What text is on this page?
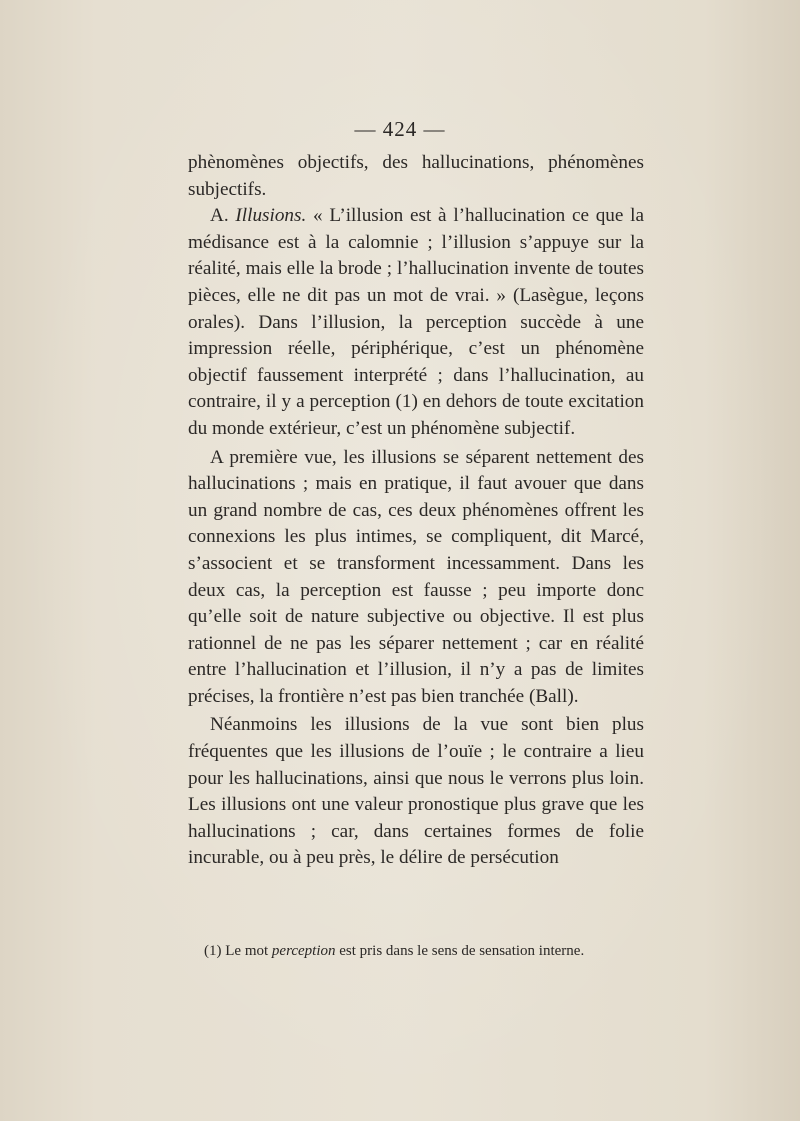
— 424 —

phènomènes objectifs, des hallucinations, phénomènes subjectifs.

A. Illusions. « L’illusion est à l’hallucination ce que la médisance est à la calomnie ; l’illusion s’appuye sur la réalité, mais elle la brode ; l’hallucination invente de toutes pièces, elle ne dit pas un mot de vrai. » (Lasègue, leçons orales). Dans l’illusion, la perception succède à une impression réelle, périphérique, c’est un phénomène objectif faussement interprété ; dans l’hallucination, au contraire, il y a perception (1) en dehors de toute excitation du monde extérieur, c’est un phénomène subjectif.

A première vue, les illusions se séparent nettement des hallucinations ; mais en pratique, il faut avouer que dans un grand nombre de cas, ces deux phénomènes offrent les connexions les plus intimes, se compliquent, dit Marcé, s’associent et se transforment incessamment. Dans les deux cas, la perception est fausse ; peu importe donc qu’elle soit de nature subjective ou objective. Il est plus rationnel de ne pas les séparer nettement ; car en réalité entre l’hallucination et l’illusion, il n’y a pas de limites précises, la frontière n’est pas bien tranchée (Ball).

Néanmoins les illusions de la vue sont bien plus fréquentes que les illusions de l’ouïe ; le contraire a lieu pour les hallucinations, ainsi que nous le verrons plus loin. Les illusions ont une valeur pronostique plus grave que les hallucinations ; car, dans certaines formes de folie incurable, ou à peu près, le délire de persécution

(1) Le mot perception est pris dans le sens de sensation interne.
